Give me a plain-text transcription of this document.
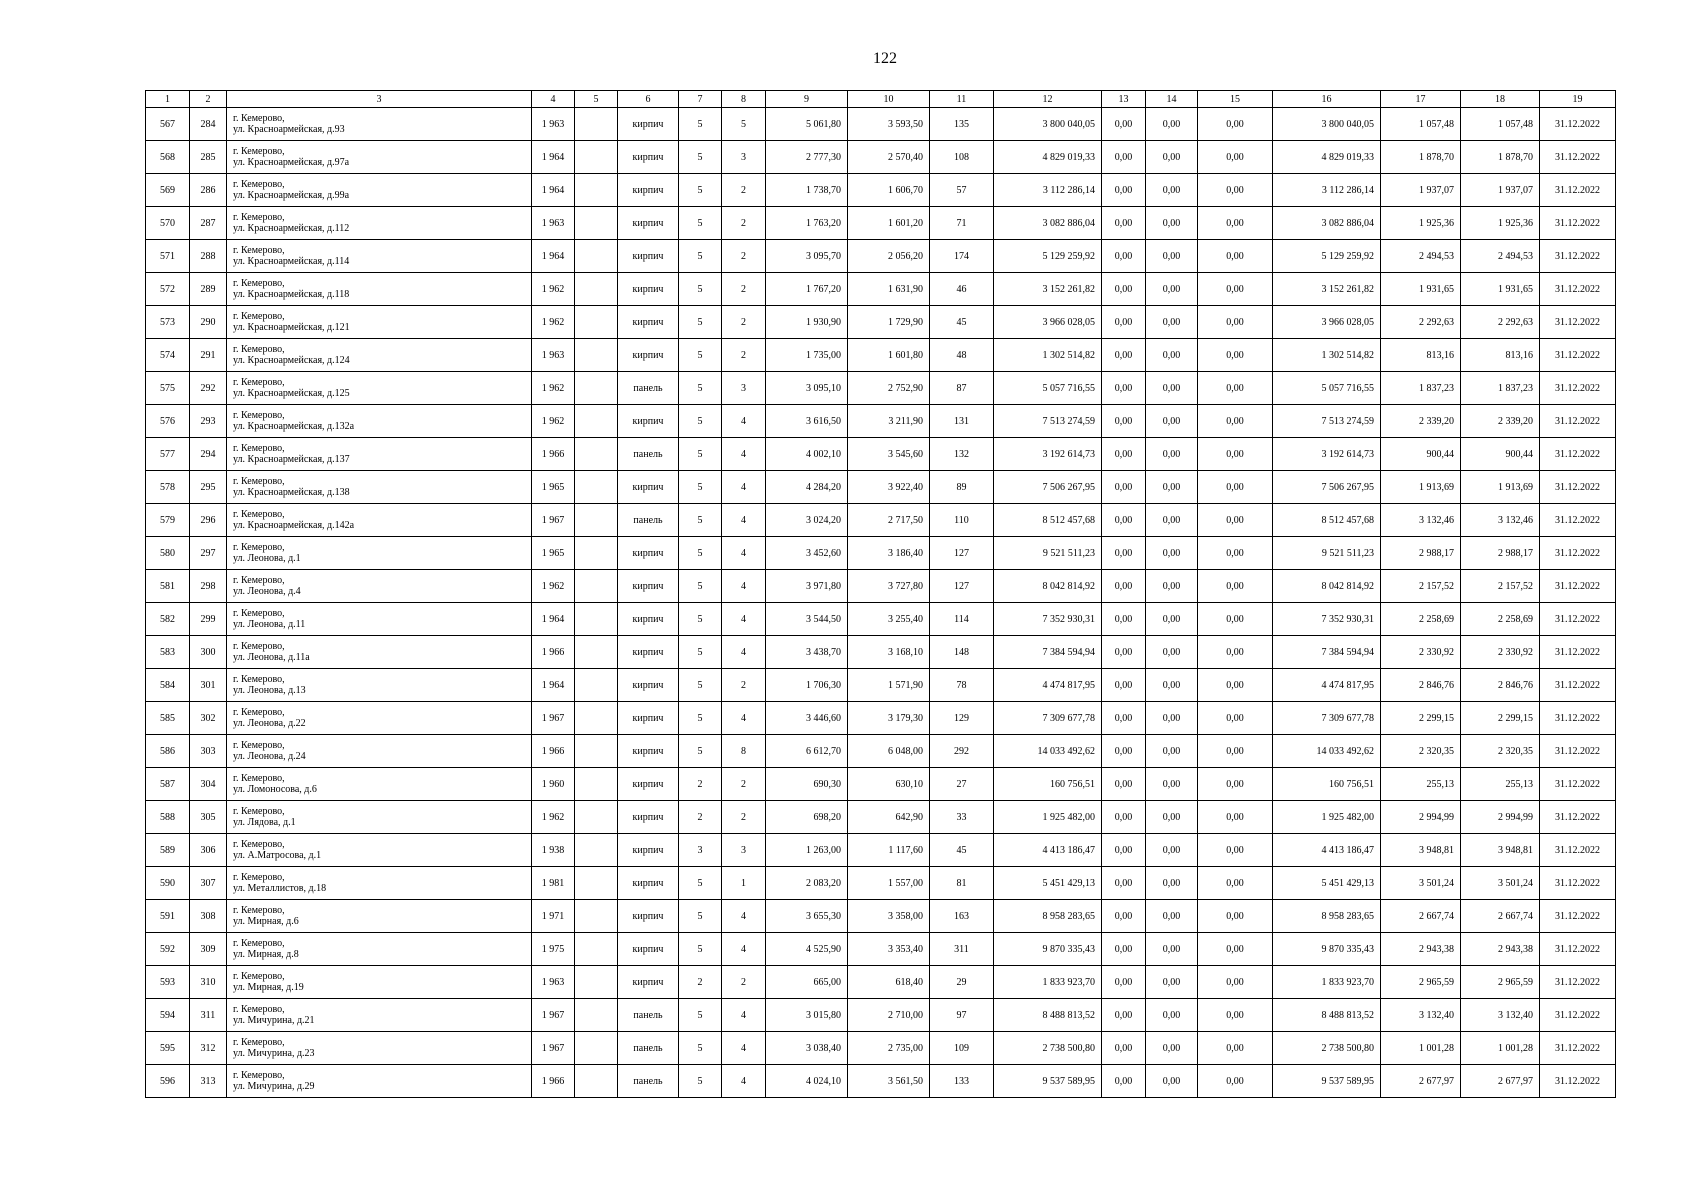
122
1	2	3	4	5	6	7	8	9	10	11	12	13	14	15	16	17	18	19
567	284	г. Кемерово,
ул. Красноармейская, д.93	1 963		кирпич	5	5	5 061,80	3 593,50	135	3 800 040,05	0,00	0,00	0,00	3 800 040,05	1 057,48	1 057,48	31.12.2022
568	285	г. Кемерово,
ул. Красноармейская, д.97а	1 964		кирпич	5	3	2 777,30	2 570,40	108	4 829 019,33	0,00	0,00	0,00	4 829 019,33	1 878,70	1 878,70	31.12.2022
569	286	г. Кемерово,
ул. Красноармейская, д.99а	1 964		кирпич	5	2	1 738,70	1 606,70	57	3 112 286,14	0,00	0,00	0,00	3 112 286,14	1 937,07	1 937,07	31.12.2022
570	287	г. Кемерово,
ул. Красноармейская, д.112	1 963		кирпич	5	2	1 763,20	1 601,20	71	3 082 886,04	0,00	0,00	0,00	3 082 886,04	1 925,36	1 925,36	31.12.2022
571	288	г. Кемерово,
ул. Красноармейская, д.114	1 964		кирпич	5	2	3 095,70	2 056,20	174	5 129 259,92	0,00	0,00	0,00	5 129 259,92	2 494,53	2 494,53	31.12.2022
572	289	г. Кемерово,
ул. Красноармейская, д.118	1 962		кирпич	5	2	1 767,20	1 631,90	46	3 152 261,82	0,00	0,00	0,00	3 152 261,82	1 931,65	1 931,65	31.12.2022
573	290	г. Кемерово,
ул. Красноармейская, д.121	1 962		кирпич	5	2	1 930,90	1 729,90	45	3 966 028,05	0,00	0,00	0,00	3 966 028,05	2 292,63	2 292,63	31.12.2022
574	291	г. Кемерово,
ул. Красноармейская, д.124	1 963		кирпич	5	2	1 735,00	1 601,80	48	1 302 514,82	0,00	0,00	0,00	1 302 514,82	813,16	813,16	31.12.2022
575	292	г. Кемерово,
ул. Красноармейская, д.125	1 962		панель	5	3	3 095,10	2 752,90	87	5 057 716,55	0,00	0,00	0,00	5 057 716,55	1 837,23	1 837,23	31.12.2022
576	293	г. Кемерово,
ул. Красноармейская, д.132а	1 962		кирпич	5	4	3 616,50	3 211,90	131	7 513 274,59	0,00	0,00	0,00	7 513 274,59	2 339,20	2 339,20	31.12.2022
577	294	г. Кемерово,
ул. Красноармейская, д.137	1 966		панель	5	4	4 002,10	3 545,60	132	3 192 614,73	0,00	0,00	0,00	3 192 614,73	900,44	900,44	31.12.2022
578	295	г. Кемерово,
ул. Красноармейская, д.138	1 965		кирпич	5	4	4 284,20	3 922,40	89	7 506 267,95	0,00	0,00	0,00	7 506 267,95	1 913,69	1 913,69	31.12.2022
579	296	г. Кемерово,
ул. Красноармейская, д.142а	1 967		панель	5	4	3 024,20	2 717,50	110	8 512 457,68	0,00	0,00	0,00	8 512 457,68	3 132,46	3 132,46	31.12.2022
580	297	г. Кемерово,
ул. Леонова, д.1	1 965		кирпич	5	4	3 452,60	3 186,40	127	9 521 511,23	0,00	0,00	0,00	9 521 511,23	2 988,17	2 988,17	31.12.2022
581	298	г. Кемерово,
ул. Леонова, д.4	1 962		кирпич	5	4	3 971,80	3 727,80	127	8 042 814,92	0,00	0,00	0,00	8 042 814,92	2 157,52	2 157,52	31.12.2022
582	299	г. Кемерово,
ул. Леонова, д.11	1 964		кирпич	5	4	3 544,50	3 255,40	114	7 352 930,31	0,00	0,00	0,00	7 352 930,31	2 258,69	2 258,69	31.12.2022
583	300	г. Кемерово,
ул. Леонова, д.11а	1 966		кирпич	5	4	3 438,70	3 168,10	148	7 384 594,94	0,00	0,00	0,00	7 384 594,94	2 330,92	2 330,92	31.12.2022
584	301	г. Кемерово,
ул. Леонова, д.13	1 964		кирпич	5	2	1 706,30	1 571,90	78	4 474 817,95	0,00	0,00	0,00	4 474 817,95	2 846,76	2 846,76	31.12.2022
585	302	г. Кемерово,
ул. Леонова, д.22	1 967		кирпич	5	4	3 446,60	3 179,30	129	7 309 677,78	0,00	0,00	0,00	7 309 677,78	2 299,15	2 299,15	31.12.2022
586	303	г. Кемерово,
ул. Леонова, д.24	1 966		кирпич	5	8	6 612,70	6 048,00	292	14 033 492,62	0,00	0,00	0,00	14 033 492,62	2 320,35	2 320,35	31.12.2022
587	304	г. Кемерово,
ул. Ломоносова, д.6	1 960		кирпич	2	2	690,30	630,10	27	160 756,51	0,00	0,00	0,00	160 756,51	255,13	255,13	31.12.2022
588	305	г. Кемерово,
ул. Лядова, д.1	1 962		кирпич	2	2	698,20	642,90	33	1 925 482,00	0,00	0,00	0,00	1 925 482,00	2 994,99	2 994,99	31.12.2022
589	306	г. Кемерово,
ул. А.Матросова, д.1	1 938		кирпич	3	3	1 263,00	1 117,60	45	4 413 186,47	0,00	0,00	0,00	4 413 186,47	3 948,81	3 948,81	31.12.2022
590	307	г. Кемерово,
ул. Металлистов, д.18	1 981		кирпич	5	1	2 083,20	1 557,00	81	5 451 429,13	0,00	0,00	0,00	5 451 429,13	3 501,24	3 501,24	31.12.2022
591	308	г. Кемерово,
ул. Мирная, д.6	1 971		кирпич	5	4	3 655,30	3 358,00	163	8 958 283,65	0,00	0,00	0,00	8 958 283,65	2 667,74	2 667,74	31.12.2022
592	309	г. Кемерово,
ул. Мирная, д.8	1 975		кирпич	5	4	4 525,90	3 353,40	311	9 870 335,43	0,00	0,00	0,00	9 870 335,43	2 943,38	2 943,38	31.12.2022
593	310	г. Кемерово,
ул. Мирная, д.19	1 963		кирпич	2	2	665,00	618,40	29	1 833 923,70	0,00	0,00	0,00	1 833 923,70	2 965,59	2 965,59	31.12.2022
594	311	г. Кемерово,
ул. Мичурина, д.21	1 967		панель	5	4	3 015,80	2 710,00	97	8 488 813,52	0,00	0,00	0,00	8 488 813,52	3 132,40	3 132,40	31.12.2022
595	312	г. Кемерово,
ул. Мичурина, д.23	1 967		панель	5	4	3 038,40	2 735,00	109	2 738 500,80	0,00	0,00	0,00	2 738 500,80	1 001,28	1 001,28	31.12.2022
596	313	г. Кемерово,
ул. Мичурина, д.29	1 966		панель	5	4	4 024,10	3 561,50	133	9 537 589,95	0,00	0,00	0,00	9 537 589,95	2 677,97	2 677,97	31.12.2022
